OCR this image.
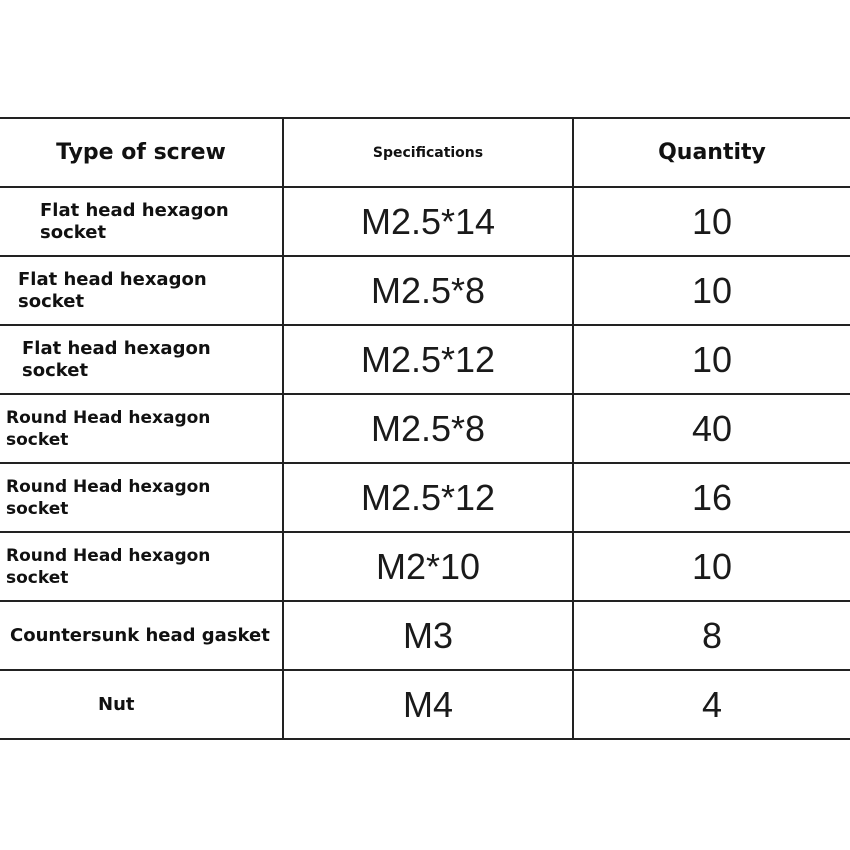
Type of screw	Specifications	Quantity
Flat head hexagon socket	M2.5*14	10
Flat head hexagon socket	M2.5*8	10
Flat head hexagon socket	M2.5*12	10
Round Head hexagon socket	M2.5*8	40
Round Head hexagon socket	M2.5*12	16
Round Head hexagon socket	M2*10	10
Countersunk head gasket	M3	8
Nut	M4	4
